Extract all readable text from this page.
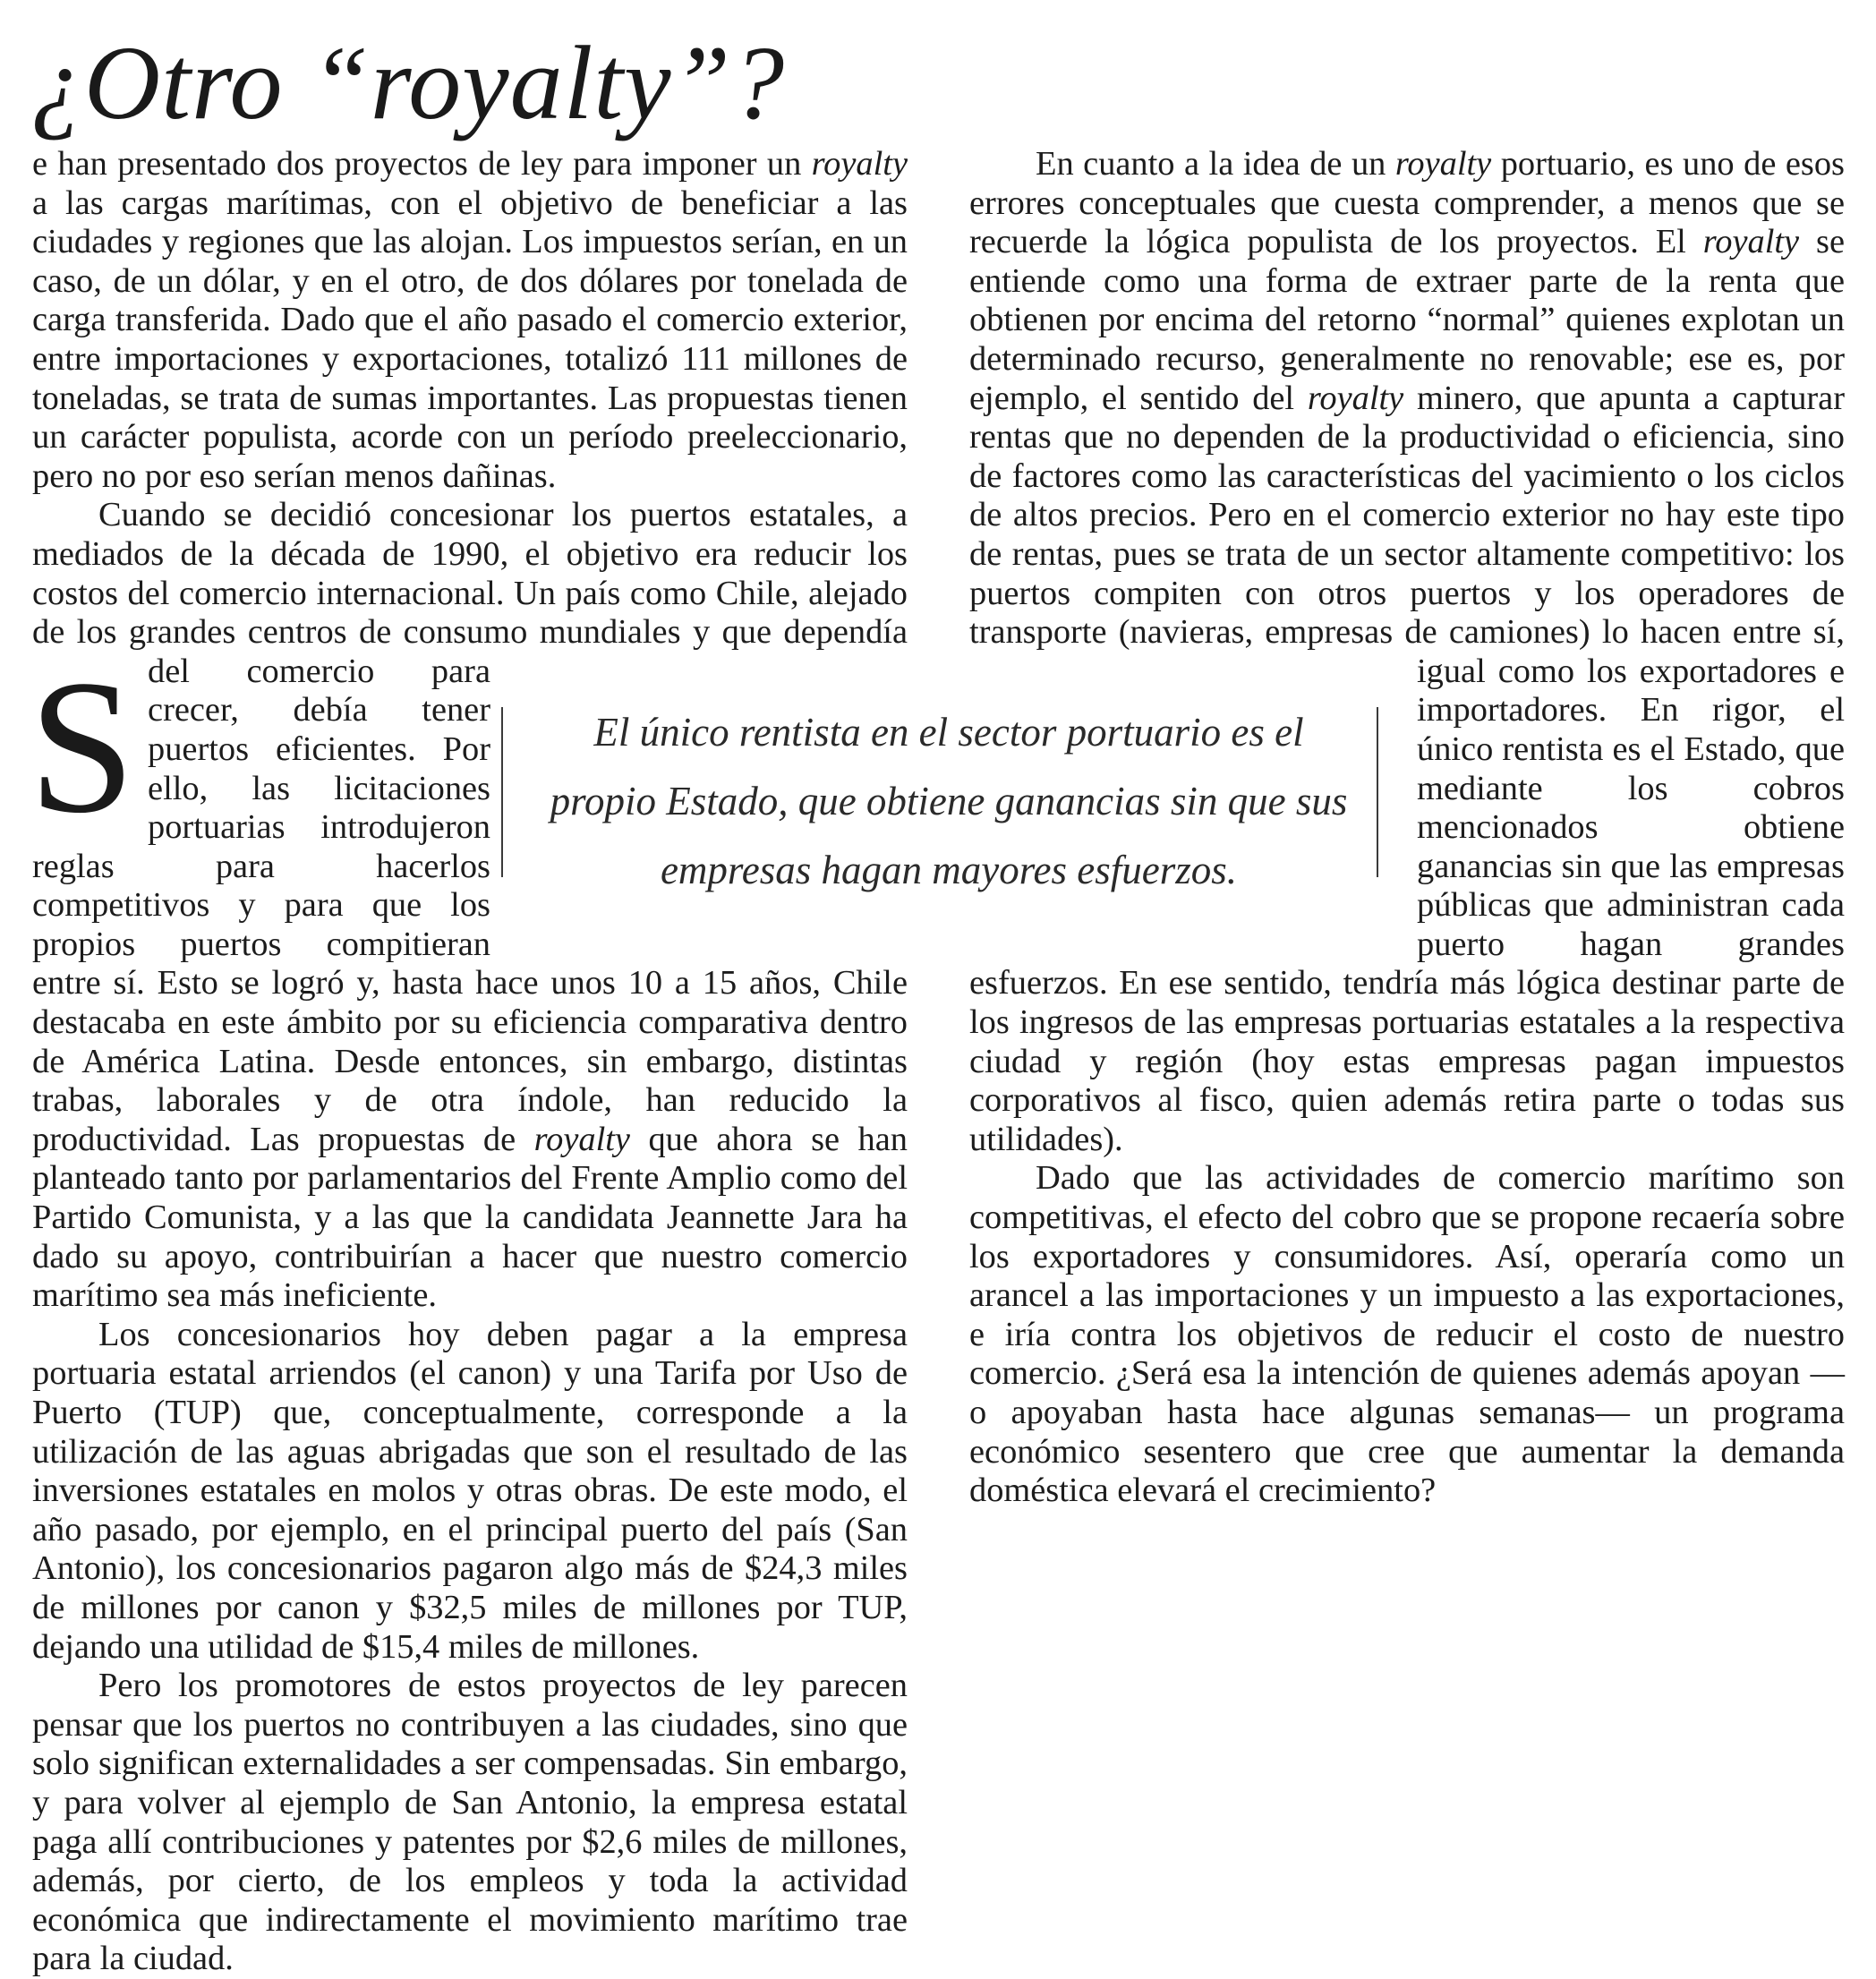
¿Otro “royalty”?

S
e han presentado dos proyectos de ley para imponer un royalty a las cargas marítimas, con el objetivo de beneficiar a las ciudades y regiones que las alojan. Los impuestos serían, en un caso, de un dólar, y en el otro, de dos dólares por tonelada de carga transferida. Dado que el año pasado el comercio exterior, entre importaciones y exportaciones, totalizó 111 millones de toneladas, se trata de sumas importantes. Las propuestas tienen un carácter populista, acorde con un período preeleccionario, pero no por eso serían menos dañinas.

Cuando se decidió concesionar los puertos estatales, a mediados de la década de 1990, el objetivo era reducir los costos del comercio internacional. Un país como Chile, alejado de los grandes centros de consumo mundiales y que dependía del comercio para crecer, debía tener puertos eficientes. Por ello, las licitaciones portuarias introdujeron reglas para hacerlos competitivos y para que los propios puertos compitieran entre sí. Esto se logró y, hasta hace unos 10 a 15 años, Chile destacaba en este ámbito por su eficiencia comparativa dentro de América Latina. Desde entonces, sin embargo, distintas trabas, laborales y de otra índole, han reducido la productividad. Las propuestas de royalty que ahora se han planteado tanto por parlamentarios del Frente Amplio como del Partido Comunista, y a las que la candidata Jeannette Jara ha dado su apoyo, contribuirían a hacer que nuestro comercio marítimo sea más ineficiente.

Los concesionarios hoy deben pagar a la empresa portuaria estatal arriendos (el canon) y una Tarifa por Uso de Puerto (TUP) que, conceptualmente, corresponde a la utilización de las aguas abrigadas que son el resultado de las inversiones estatales en molos y otras obras. De este modo, el año pasado, por ejemplo, en el principal puerto del país (San Antonio), los concesionarios pagaron algo más de $24,3 miles de millones por canon y $32,5 miles de millones por TUP, dejando una utilidad de $15,4 miles de millones.

Pero los promotores de estos proyectos de ley parecen pensar que los puertos no contribuyen a las ciudades, sino que solo significan externalidades a ser compensadas. Sin embargo, y para volver al ejemplo de San Antonio, la empresa estatal paga allí contribuciones y patentes por $2,6 miles de millones, además, por cierto, de los empleos y toda la actividad económica que indirectamente el movimiento marítimo trae para la ciudad.

En cuanto a la idea de un royalty portuario, es uno de esos errores conceptuales que cuesta comprender, a menos que se recuerde la lógica populista de los proyectos. El royalty se entiende como una forma de extraer parte de la renta que obtienen por encima del retorno “normal” quienes explotan un determinado recurso, generalmente no renovable; ese es, por ejemplo, el sentido del royalty minero, que apunta a capturar rentas que no dependen de la productividad o eficiencia, sino de factores como las características del yacimiento o los ciclos de altos precios. Pero en el comercio exterior no hay este tipo de rentas, pues se trata de un sector altamente competitivo: los puertos compiten con otros puertos y los operadores de transporte (navieras, empresas de camiones) lo hacen entre sí, igual como los exportadores e importadores. En rigor, el único rentista es el Estado, que mediante los cobros mencionados obtiene ganancias sin que las empresas públicas que administran cada puerto hagan grandes esfuerzos. En ese sentido, tendría más lógica destinar parte de los ingresos de las empresas portuarias estatales a la respectiva ciudad y región (hoy estas empresas pagan impuestos corporativos al fisco, quien además retira parte o todas sus utilidades).

Dado que las actividades de comercio marítimo son competitivas, el efecto del cobro que se propone recaería sobre los exportadores y consumidores. Así, operaría como un arancel a las importaciones y un impuesto a las exportaciones, e iría contra los objetivos de reducir el costo de nuestro comercio. ¿Será esa la intención de quienes además apoyan —o apoyaban hasta hace algunas semanas— un programa económico sesentero que cree que aumentar la demanda doméstica elevará el crecimiento?

El único rentista en el sector portuario es el propio Estado, que obtiene ganancias sin que sus empresas hagan mayores esfuerzos.
